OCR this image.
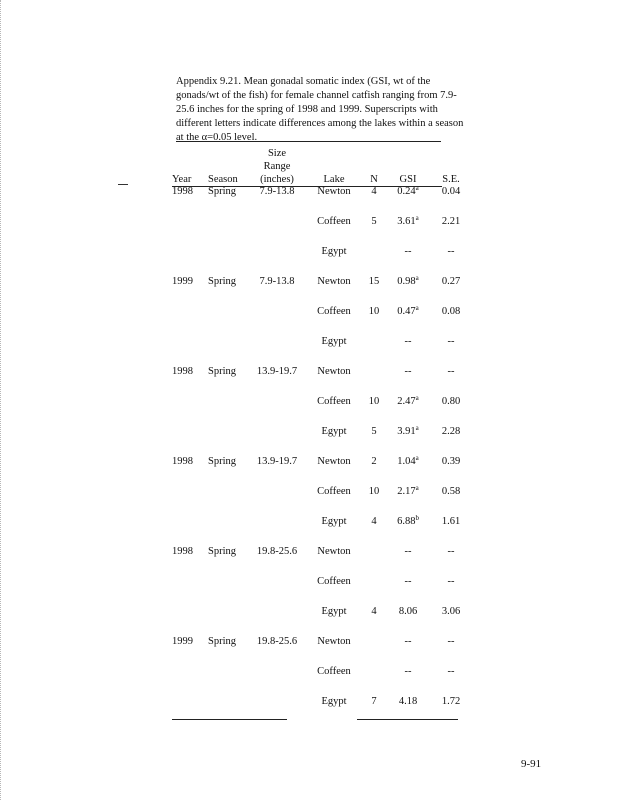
Appendix 9.21. Mean gonadal somatic index (GSI, wt of the gonads/wt of the fish) for female channel catfish ranging from 7.9-25.6 inches for the spring of 1998 and 1999. Superscripts with different letters indicate differences among the lakes within a season at the α=0.05 level.
Year	Season	Size
Range
(inches)	Lake	N	GSI	S.E.
1998	Spring	7.9-13.8	Newton	4	0.24$^a$	0.04
			Coffeen	5	3.61$^a$	2.21
			Egypt		--	--
1999	Spring	7.9-13.8	Newton	15	0.98$^a$	0.27
			Coffeen	10	0.47$^a$	0.08
			Egypt		--	--
1998	Spring	13.9-19.7	Newton		--	--
			Coffeen	10	2.47$^a$	0.80
			Egypt	5	3.91$^a$	2.28
1998	Spring	13.9-19.7	Newton	2	1.04$^a$	0.39
			Coffeen	10	2.17$^a$	0.58
			Egypt	4	6.88$^b$	1.61
1998	Spring	19.8-25.6	Newton		--	--
			Coffeen		--	--
			Egypt	4	8.06	3.06
1999	Spring	19.8-25.6	Newton		--	--
			Coffeen		--	--
			Egypt	7	4.18	1.72
9-91
